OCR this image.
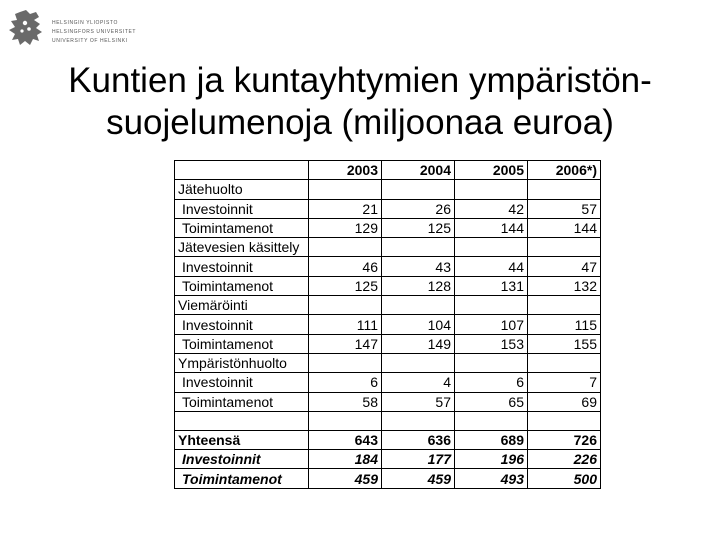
HELSINGIN YLIOPISTO
HELSINGFORS UNIVERSITET
UNIVERSITY OF HELSINKI
Kuntien ja kuntayhtymien ympäristön-
suojelumenoja (miljoonaa euroa)
	2003	2004	2005	2006*)
Jätehuolto				
Investoinnit	21	26	42	57
Toimintamenot	129	125	144	144
Jätevesien käsittely				
Investoinnit	46	43	44	47
Toimintamenot	125	128	131	132
Viemäröinti				
Investoinnit	111	104	107	115
Toimintamenot	147	149	153	155
Ympäristönhuolto				
Investoinnit	6	4	6	7
Toimintamenot	58	57	65	69

Yhteensä	643	636	689	726
Investoinnit	184	177	196	226
Toimintamenot	459	459	493	500
